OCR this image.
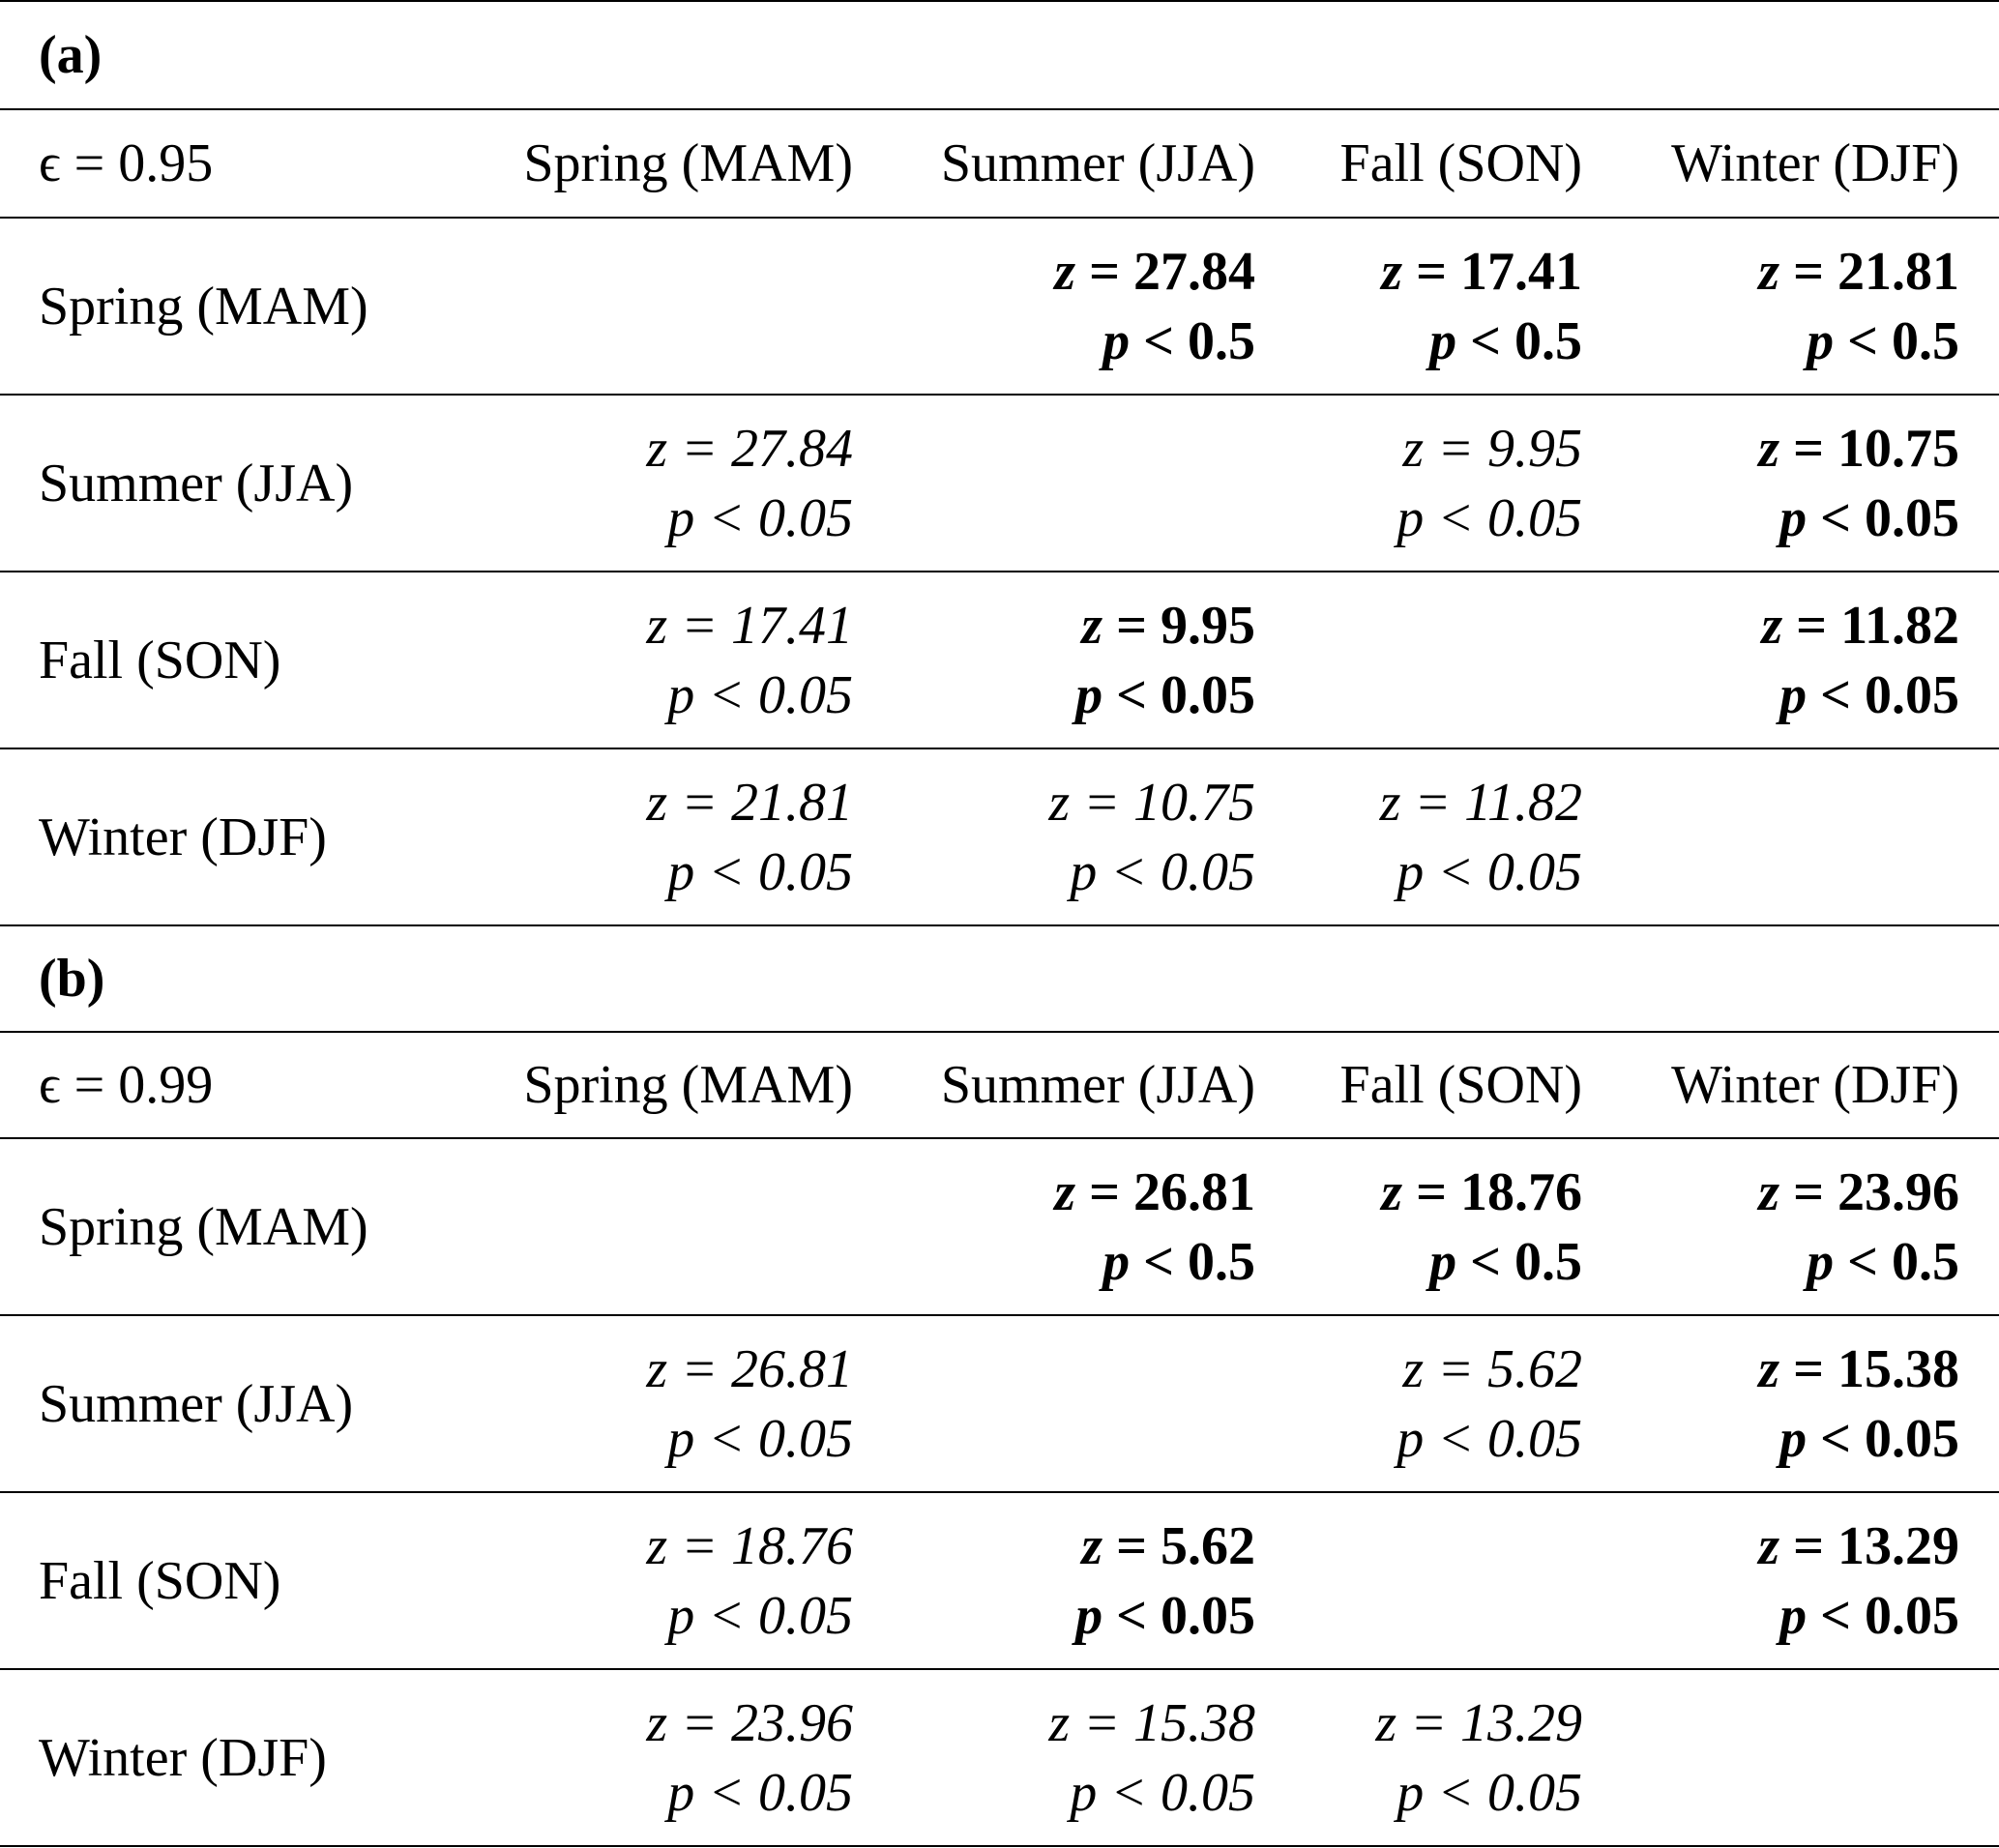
(a)
ϵ = 0.95	Spring (MAM) Summer (JJA) Fall (SON) Winter (DJF)
Spring (MAM)
z = 27.84
p < 0.5
z = 17.41
p < 0.5
z = 21.81
p < 0.5
Summer (JJA)
z = 27.84
p < 0.05
z = 9.95
p < 0.05
z = 10.75
p < 0.05
Fall (SON)
z = 17.41
p < 0.05
z = 9.95
p < 0.05
z = 11.82
p < 0.05
Winter (DJF)
z = 21.81
p < 0.05
z = 10.75
p < 0.05
z = 11.82
p < 0.05
(b)
ϵ = 0.99	Spring (MAM) Summer (JJA) Fall (SON) Winter (DJF)
Spring (MAM)
z = 26.81
p < 0.5
z = 18.76
p < 0.5
z = 23.96
p < 0.5
Summer (JJA)
z = 26.81
p < 0.05
z = 5.62
p < 0.05
z = 15.38
p < 0.05
Fall (SON)
z = 18.76
p < 0.05
z = 5.62
p < 0.05
z = 13.29
p < 0.05
Winter (DJF)
z = 23.96
p < 0.05
z = 15.38
p < 0.05
z = 13.29
p < 0.05
